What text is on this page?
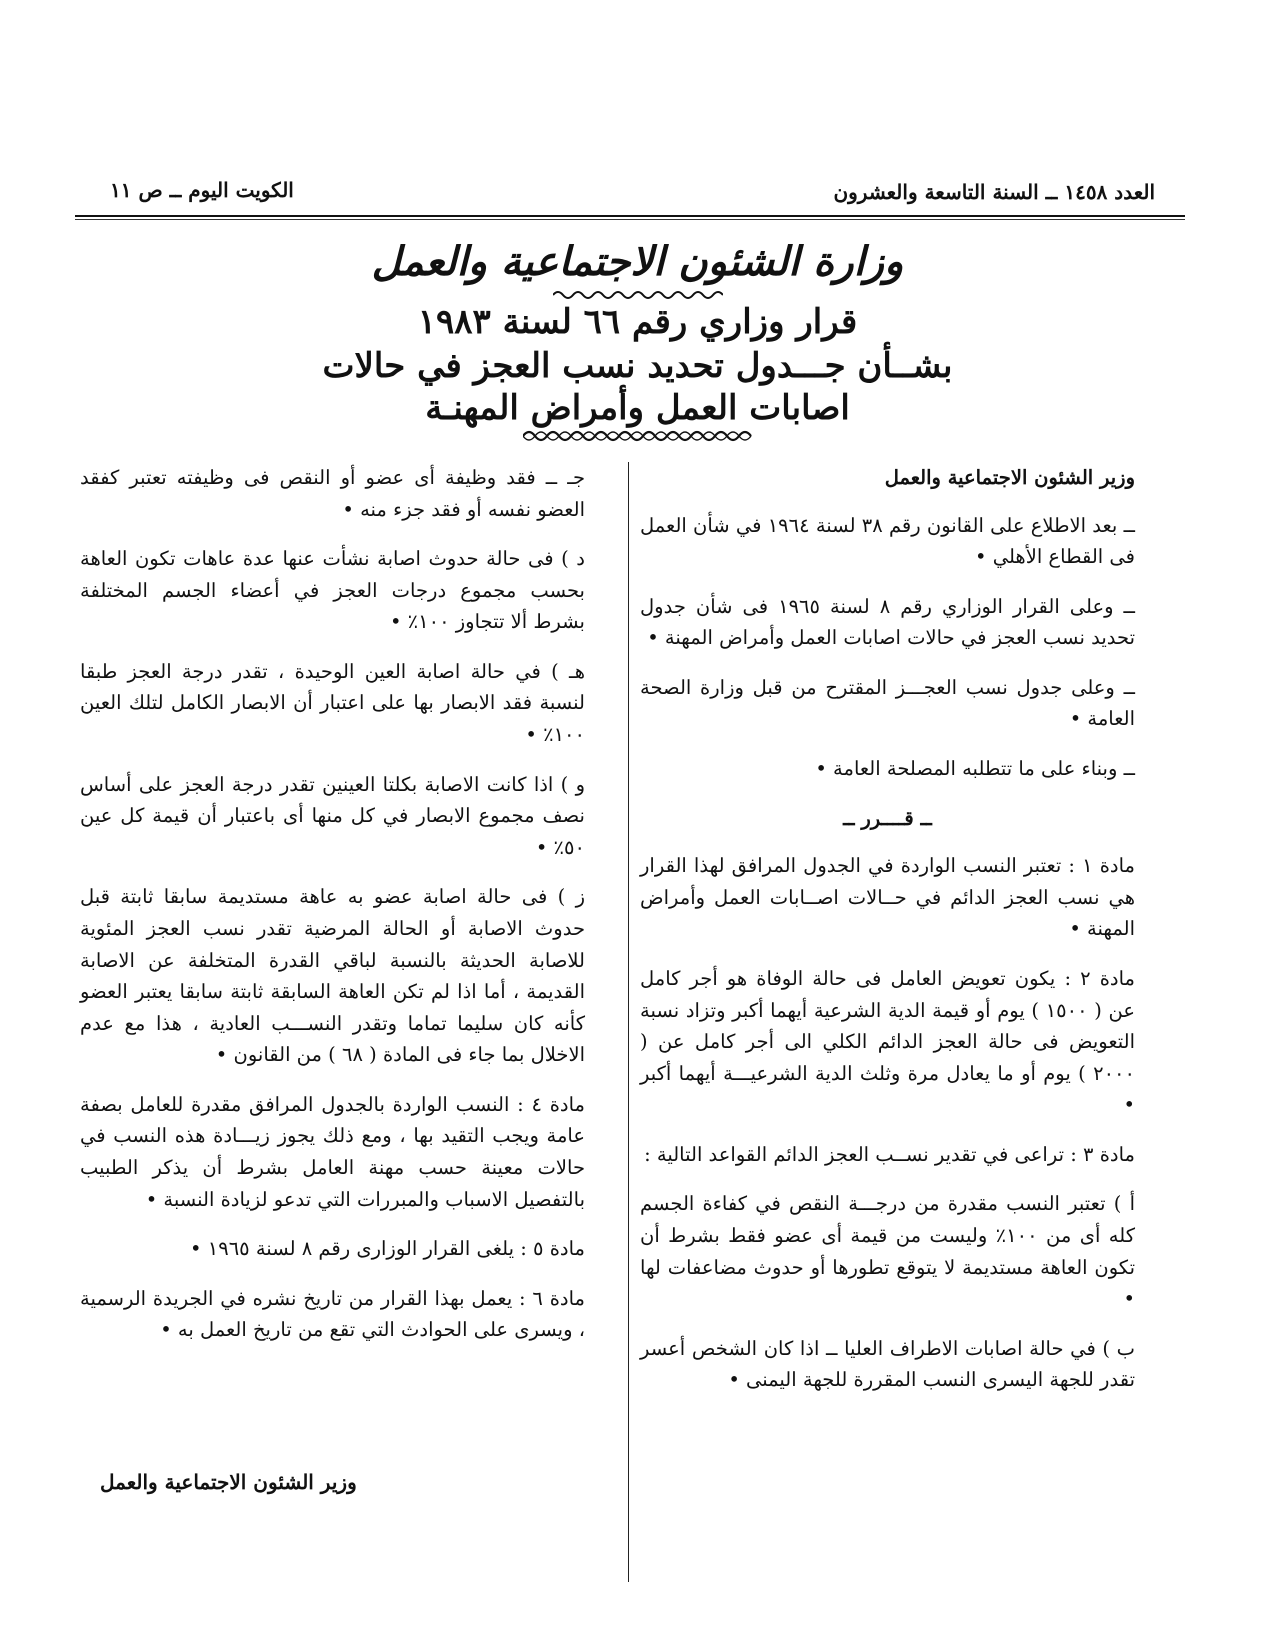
العدد ١٤٥٨ ــ السنة التاسعة والعشرون
الكويت اليوم ــ ص ١١
وزارة الشئون الاجتماعية والعمل
قرار وزاري رقم ٦٦ لسنة ١٩٨٣
بشــأن جـــدول تحديد نسب العجز في حالات
اصابات العمل وأمراض المهنـة

وزير الشئون الاجتماعية والعمل

ــ بعد الاطلاع على القانون رقم ٣٨ لسنة ١٩٦٤ في شأن العمل فى القطاع الأهلي •

ــ وعلى القرار الوزاري رقم ٨ لسنة ١٩٦٥ فى شأن جدول تحديد نسب العجز في حالات اصابات العمل وأمراض المهنة •

ــ وعلى جدول نسب العجـــز المقترح من قبل وزارة الصحة العامة •

ــ وبناء على ما تتطلبه المصلحة العامة •

ــ قــــرر ــ

مادة ١ : تعتبر النسب الواردة في الجدول المرافق لهذا القرار هي نسب العجز الدائم في حــالات اصــابات العمل وأمراض المهنة •

مادة ٢ : يكون تعويض العامل فى حالة الوفاة هو أجر كامل عن ( ١٥٠٠ ) يوم أو قيمة الدية الشرعية أيهما أكبر وتزاد نسبة التعويض فى حالة العجز الدائم الكلي الى أجر كامل عن ( ٢٠٠٠ ) يوم أو ما يعادل مرة وثلث الدية الشرعيـــة أيهما أكبر •

مادة ٣ : تراعى في تقدير نســب العجز الدائم القواعد التالية :

أ ) تعتبر النسب مقدرة من درجـــة النقص في كفاءة الجسم كله أى من ١٠٠٪ وليست من قيمة أى عضو فقط بشرط أن تكون العاهة مستديمة لا يتوقع تطورها أو حدوث مضاعفات لها •

ب ) في حالة اصابات الاطراف العليا ــ اذا كان الشخص أعسر تقدر للجهة اليسرى النسب المقررة للجهة اليمنى •

جـ ــ فقد وظيفة أى عضو أو النقص فى وظيفته تعتبر كفقد العضو نفسه أو فقد جزء منه •

د ) فى حالة حدوث اصابة نشأت عنها عدة عاهات تكون العاهة بحسب مجموع درجات العجز في أعضاء الجسم المختلفة بشرط ألا تتجاوز ١٠٠٪ •

هـ ) في حالة اصابة العين الوحيدة ، تقدر درجة العجز طبقا لنسبة فقد الابصار بها على اعتبار أن الابصار الكامل لتلك العين ١٠٠٪ •

و ) اذا كانت الاصابة بكلتا العينين تقدر درجة العجز على أساس نصف مجموع الابصار في كل منها أى باعتبار أن قيمة كل عين ٥٠٪ •

ز ) فى حالة اصابة عضو به عاهة مستديمة سابقا ثابتة قبل حدوث الاصابة أو الحالة المرضية تقدر نسب العجز المئوية للاصابة الحديثة بالنسبة لباقي القدرة المتخلفة عن الاصابة القديمة ، أما اذا لم تكن العاهة السابقة ثابتة سابقا يعتبر العضو كأنه كان سليما تماما وتقدر النســـب العادية ، هذا مع عدم الاخلال بما جاء فى المادة ( ٦٨ ) من القانون •

مادة ٤ : النسب الواردة بالجدول المرافق مقدرة للعامل بصفة عامة ويجب التقيد بها ، ومع ذلك يجوز زيـــادة هذه النسب في حالات معينة حسب مهنة العامل بشرط أن يذكر الطبيب بالتفصيل الاسباب والمبررات التي تدعو لزيادة النسبة •

مادة ٥ : يلغى القرار الوزارى رقم ٨ لسنة ١٩٦٥ •

مادة ٦ : يعمل بهذا القرار من تاريخ نشره في الجريدة الرسمية ، ويسرى على الحوادث التي تقع من تاريخ العمل به •

وزير الشئون الاجتماعية والعمل
